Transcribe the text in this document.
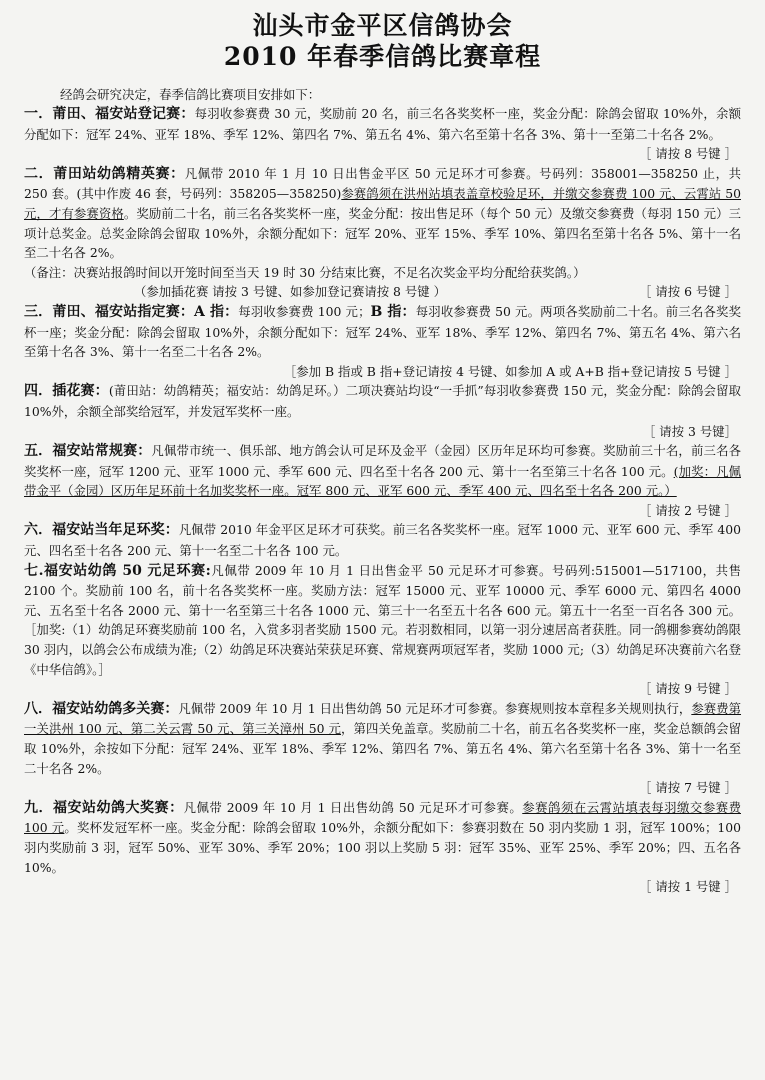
汕头市金平区信鸽协会
2010 年春季信鸽比赛章程

经鸽会研究决定，春季信鸽比赛项目安排如下：

一．莆田、福安站登记赛：每羽收参赛费 30 元，奖励前 20 名，前三名各奖奖杯一座，奖金分配：除鸽会留取 10%外，余额分配如下：冠军 24%、亚军 18%、季军 12%、第四名 7%、第五名 4%、第六名至第十名各 3%、第十一至第二十名各 2%。

［ 请按 8 号键 ］

二．莆田站幼鸽精英赛：凡佩带 2010 年 1 月 10 日出售金平区 50 元足环才可参赛。号码列：358001—358250 止，共 250 套。(其中作废 46 套，号码列：358205—358250)参赛鸽须在洪州站填表盖章校验足环，并缴交参赛费 100 元、云霄站 50 元，才有参赛资格。奖励前二十名，前三名各奖奖杯一座，奖金分配：按出售足环（每个 50 元）及缴交参赛费（每羽 150 元）三项计总奖金。总奖金除鸽会留取 10%外，余额分配如下：冠军 20%、亚军 15%、季军 10%、第四名至第十名各 5%、第十一名至二十名各 2%。

（备注：决赛站报鸽时间以开笼时间至当天 19 时 30 分结束比赛，不足名次奖金平均分配给获奖鸽。）

（参加插花赛 请按 3 号键、如参加登记赛请按 8 号键 ）	［ 请按 6 号键 ］

三．莆田、福安站指定赛：A 指：每羽收参赛费 100 元；B 指：每羽收参赛费 50 元。两项各奖励前二十名。前三名各奖奖杯一座；奖金分配：除鸽会留取 10%外，余额分配如下：冠军 24%、亚军 18%、季军 12%、第四名 7%、第五名 4%、第六名至第十名各 3%、第十一名至二十名各 2%。

［参加 B 指或 B 指+登记请按 4 号键、如参加 A 或 A+B 指+登记请按 5 号键 ］

四．插花赛：(莆田站：幼鸽精英；福安站：幼鸽足环。）二项决赛站均设“一手抓”每羽收参赛费 150 元，奖金分配：除鸽会留取 10%外，余额全部奖给冠军，并发冠军奖杯一座。

［ 请按 3 号键］

五．福安站常规赛：凡佩带市统一、俱乐部、地方鸽会认可足环及金平（金园）区历年足环均可参赛。奖励前三十名，前三名各奖奖杯一座，冠军 1200 元、亚军 1000 元、季军 600 元、四名至十名各 200 元、第十一名至第三十名各 100 元。(加奖：凡佩带金平（金园）区历年足环前十名加奖奖杯一座。冠军 800 元、亚军 600 元、季军 400 元、四名至十名各 200 元。）

［ 请按 2 号键 ］

六．福安站当年足环奖：凡佩带 2010 年金平区足环才可获奖。前三名各奖奖杯一座。冠军 1000 元、亚军 600 元、季军 400 元、四名至十名各 200 元、第十一名至二十名各 100 元。

七.福安站幼鸽 50 元足环赛:凡佩带 2009 年 10 月 1 日出售金平 50 元足环才可参赛。号码列:515001—517100，共售 2100 个。奖励前 100 名，前十名各奖奖杯一座。奖励方法：冠军 15000 元、亚军 10000 元、季军 6000 元、第四名 4000 元、五名至十名各 2000 元、第十一名至第三十名各 1000 元、第三十一名至五十名各 600 元。第五十一名至一百名各 300 元。［加奖:（1）幼鸽足环赛奖励前 100 名，入赏多羽者奖励 1500 元。若羽数相同，以第一羽分速居高者获胜。同一鸽棚参赛幼鸽限 30 羽内，以鸽会公布成绩为准;（2）幼鸽足环决赛站荣获足环赛、常规赛两项冠军者，奖励 1000 元;（3）幼鸽足环决赛前六名登《中华信鸽》。］

［ 请按 9 号键 ］

八．福安站幼鸽多关赛：凡佩带 2009 年 10 月 1 日出售幼鸽 50 元足环才可参赛。参赛规则按本章程多关规则执行，参赛费第一关洪州 100 元、第二关云霄 50 元、第三关漳州 50 元，第四关免盖章。奖励前二十名，前五名各奖奖杯一座，奖金总额鸽会留取 10%外，余按如下分配：冠军 24%、亚军 18%、季军 12%、第四名 7%、第五名 4%、第六名至第十名各 3%、第十一名至二十名各 2%。

［ 请按 7 号键 ］

九．福安站幼鸽大奖赛：凡佩带 2009 年 10 月 1 日出售幼鸽 50 元足环才可参赛。参赛鸽须在云霄站填表每羽缴交参赛费 100 元。奖杯发冠军杯一座。奖金分配：除鸽会留取 10%外，余额分配如下：参赛羽数在 50 羽内奖励 1 羽，冠军 100%；100 羽内奖励前 3 羽，冠军 50%、亚军 30%、季军 20%；100 羽以上奖励 5 羽：冠军 35%、亚军 25%、季军 20%；四、五名各 10%。

［ 请按 1 号键 ］
